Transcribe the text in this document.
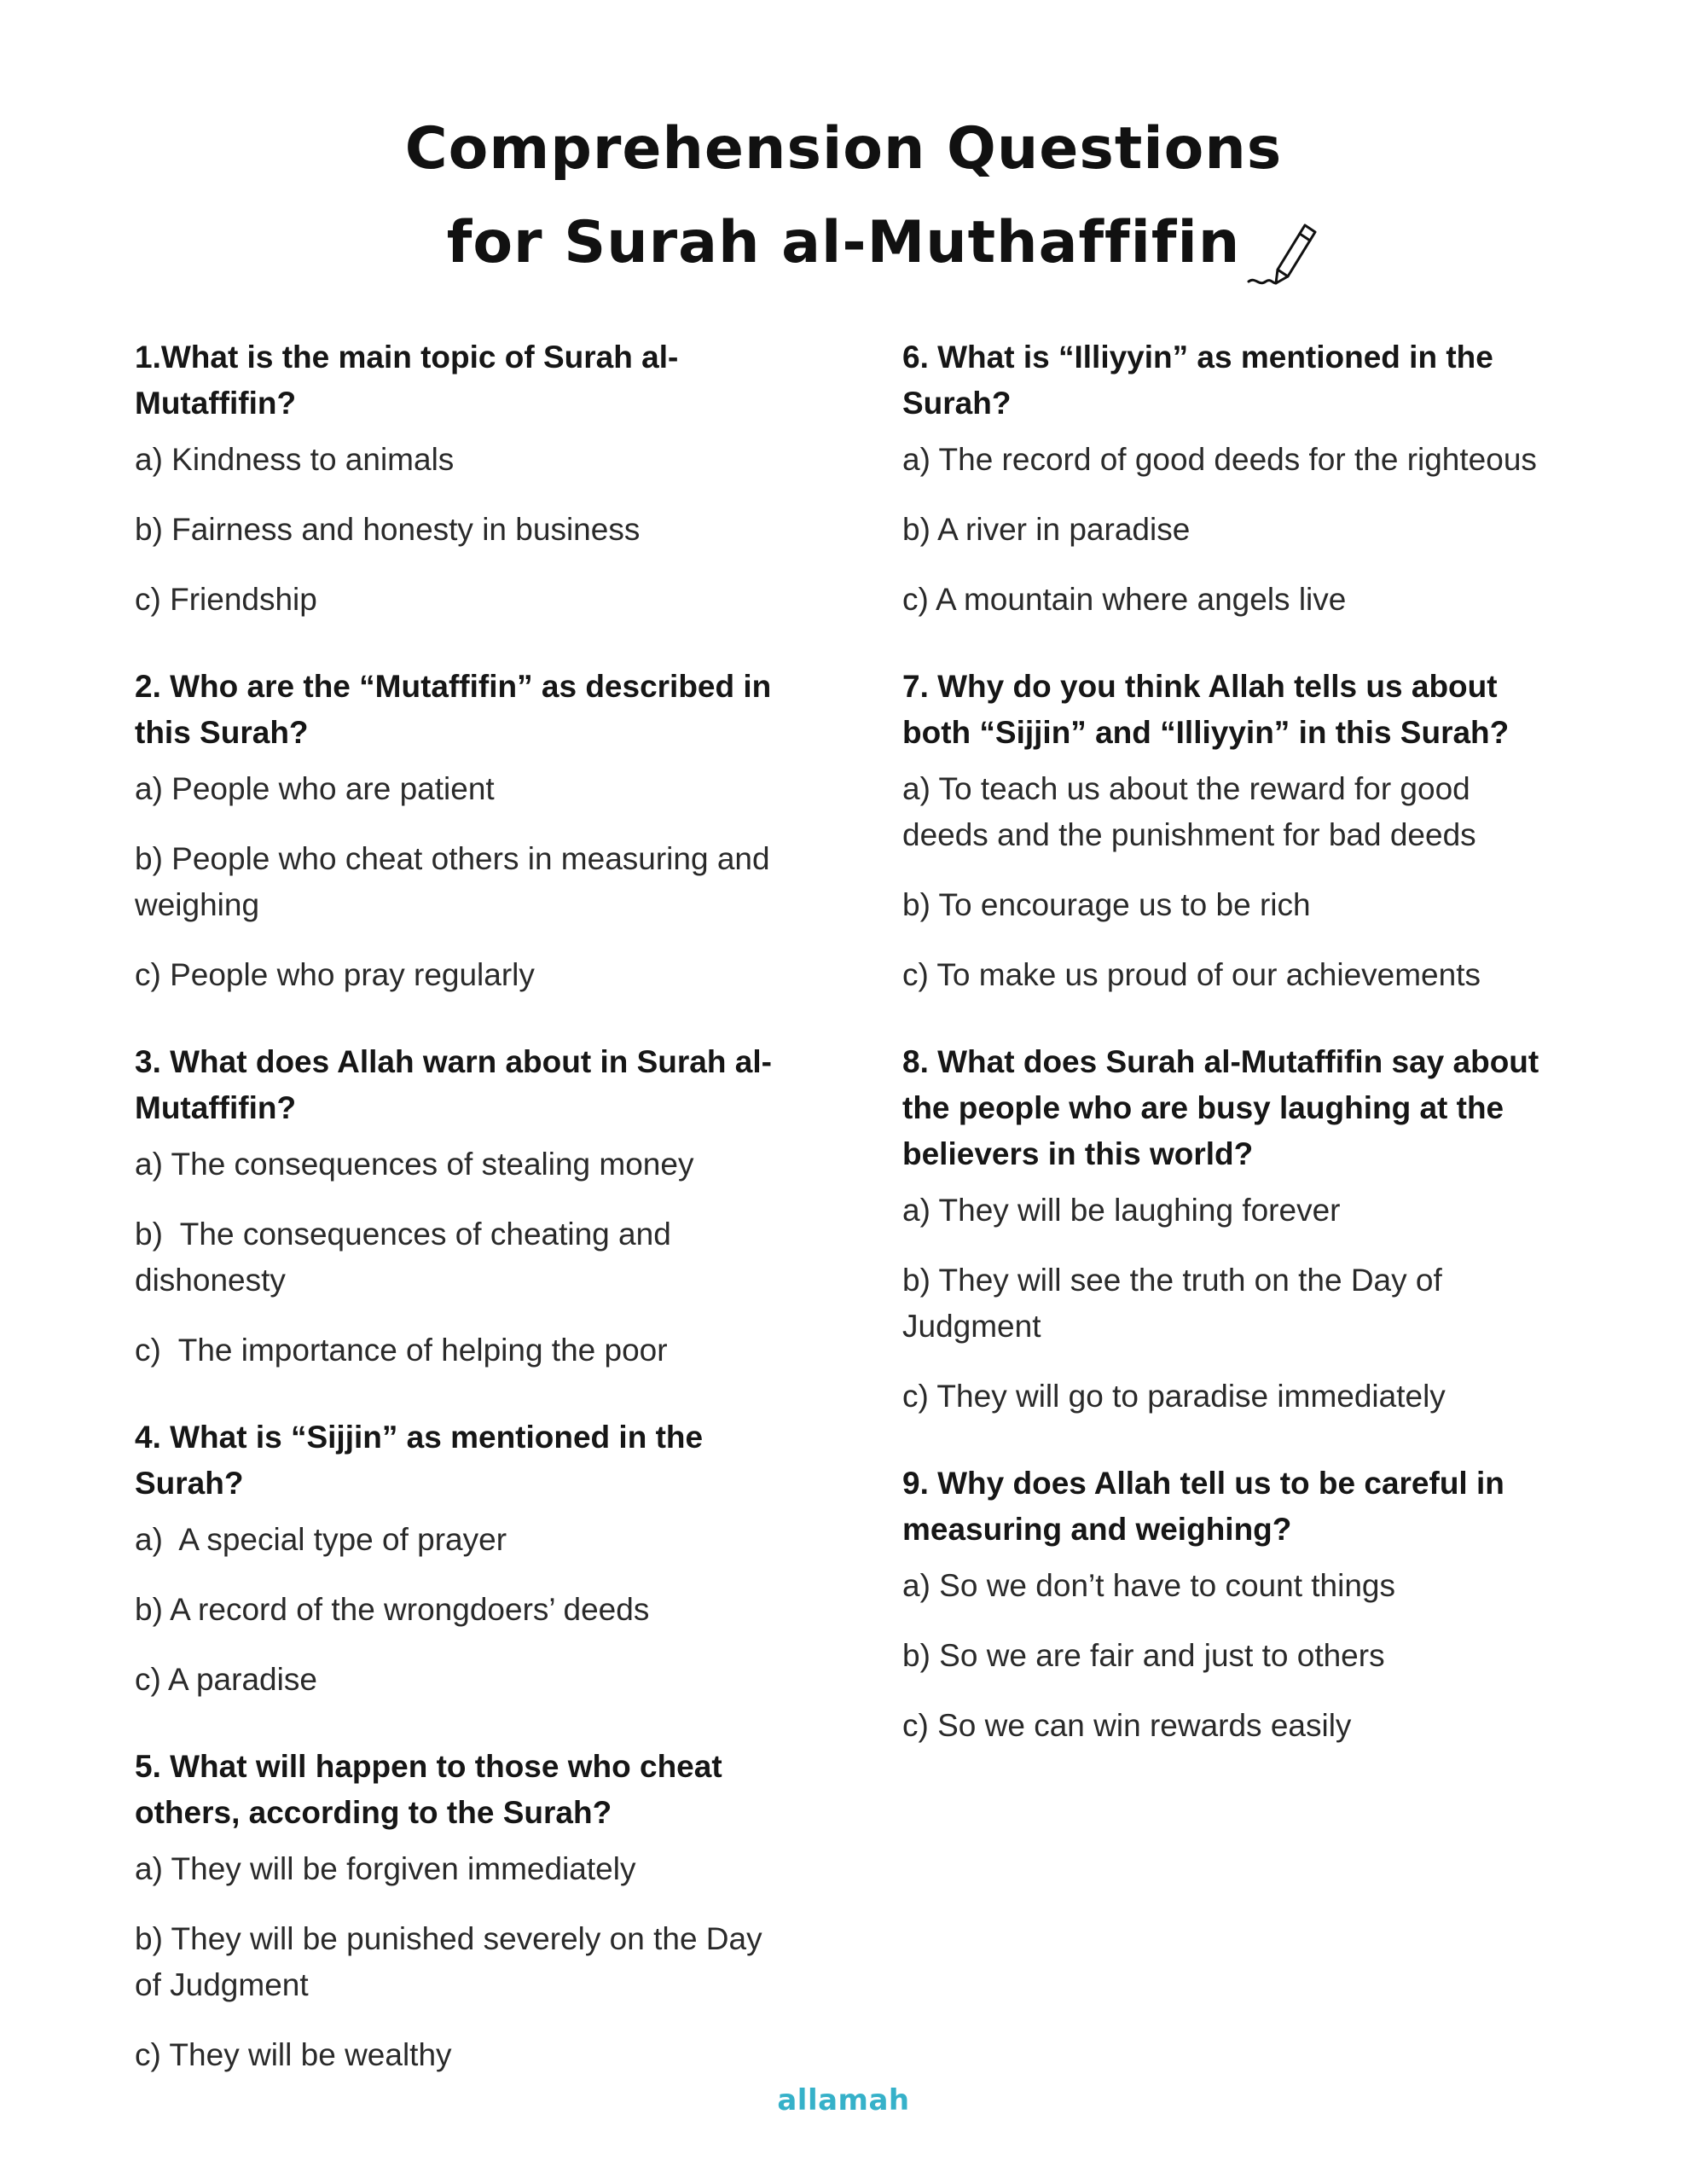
Comprehension Questions
for Surah al-Muthaffifin

1.What is the main topic of Surah al-Mutaffifin?

a) Kindness to animals

b) Fairness and honesty in business

c) Friendship

2. Who are the “Mutaffifin” as described in this Surah?

a) People who are patient

b) People who cheat others in measuring and weighing

c) People who pray regularly

3. What does Allah warn about in Surah al-Mutaffifin?

a) The consequences of stealing money

b)  The consequences of cheating and dishonesty

c)  The importance of helping the poor

4. What is “Sijjin” as mentioned in the Surah?

a)  A special type of prayer

b) A record of the wrongdoers’ deeds

c) A paradise

5. What will happen to those who cheat others, according to the Surah?

a) They will be forgiven immediately

b) They will be punished severely on the Day of Judgment

c) They will be wealthy

6. What is “Illiyyin” as mentioned in the Surah?

a) The record of good deeds for the righteous

b) A river in paradise

c) A mountain where angels live

7. Why do you think Allah tells us about both “Sijjin” and “Illiyyin” in this Surah?

a) To teach us about the reward for good deeds and the punishment for bad deeds

b) To encourage us to be rich

c) To make us proud of our achievements

8. What does Surah al-Mutaffifin say about the people who are busy laughing at the believers in this world?

a) They will be laughing forever

b) They will see the truth on the Day of Judgment

c) They will go to paradise immediately

9. Why does Allah tell us to be careful in measuring and weighing?

a) So we don’t have to count things

b) So we are fair and just to others

c) So we can win rewards easily

allamah
